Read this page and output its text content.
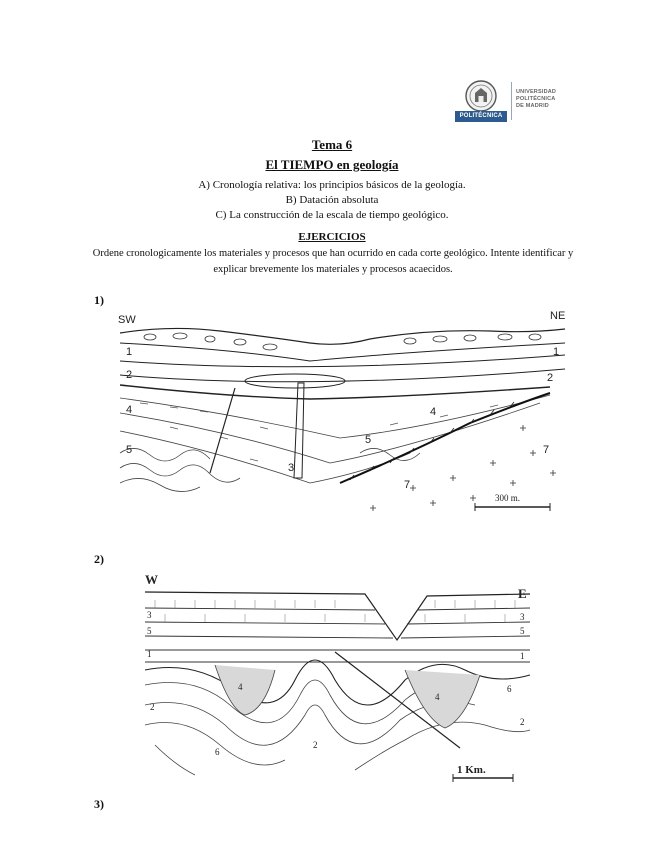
POLITÉCNICA
UNIVERSIDAD
POLITÉCNICA
DE MADRID
Tema 6
El TIEMPO en geología
A) Cronología relativa: los principios básicos de la geología.
B) Datación absoluta
C) La construcción de la escala de tiempo geológico.
EJERCICIOS
Ordene cronologicamente los materiales y procesos que han ocurrido en cada corte geológico. Intente identificar y explicar brevemente los materiales y procesos acaecidos.
1)
SW	NE
1	1
2	2
4	4
5
5
3
7
7
300 m.
2)
W
E
3	3
5	5
1	1
4
4
2
2
2
6
6
1 Km.
3)
